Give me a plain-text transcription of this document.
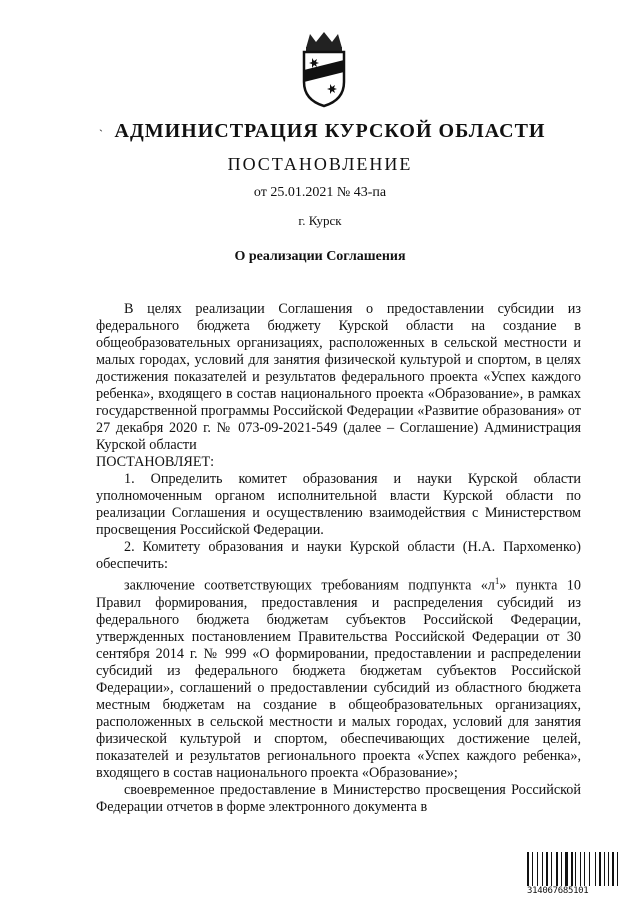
` АДМИНИСТРАЦИЯ КУРСКОЙ ОБЛАСТИ
ПОСТАНОВЛЕНИЕ
от 25.01.2021 № 43-па
г. Курск
О реализации Соглашения

В целях реализации Соглашения о предоставлении субсидии из федерального бюджета бюджету Курской области на создание в общеобразовательных организациях, расположенных в сельской местности и малых городах, условий для занятия физической культурой и спортом, в целях достижения показателей и результатов федерального проекта «Успех каждого ребенка», входящего в состав национального проекта «Образование», в рамках государственной программы Российской Федерации «Развитие образования» от 27 декабря 2020 г. № 073-09-2021-549 (далее – Соглашение) Администрация Курской области

ПОСТАНОВЛЯЕТ:

1. Определить комитет образования и науки Курской области уполномоченным органом исполнительной власти Курской области по реализации Соглашения и осуществлению взаимодействия с Министерством просвещения Российской Федерации.

2. Комитету образования и науки Курской области (Н.А. Пархоменко) обеспечить:

заключение соответствующих требованиям подпункта «$л^1$» пункта 10 Правил формирования, предоставления и распределения субсидий из федерального бюджета бюджетам субъектов Российской Федерации, утвержденных постановлением Правительства Российской Федерации от 30 сентября 2014 г. № 999 «О формировании, предоставлении и распределении субсидий из федерального бюджета бюджетам субъектов Российской Федерации», соглашений о предоставлении субсидий из областного бюджета местным бюджетам на создание в общеобразовательных организациях, расположенных в сельской местности и малых городах, условий для занятия физической культурой и спортом, обеспечивающих достижение целей, показателей и результатов регионального проекта «Успех каждого ребенка», входящего в состав национального проекта «Образование»;

своевременное предоставление в Министерство просвещения Российской Федерации отчетов в форме электронного документа в

314067685101
